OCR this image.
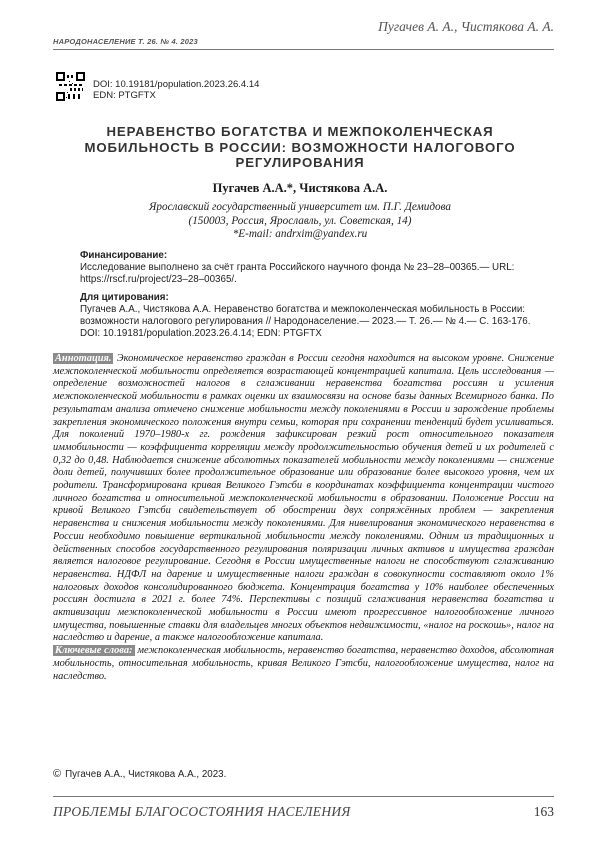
Пугачев А. А., Чистякова А. А.
НАРОДОНАСЕЛЕНИЕ Т. 26. № 4. 2023
DOI: 10.19181/population.2023.26.4.14
EDN: PTGFTX
НЕРАВЕНСТВО БОГАТСТВА И МЕЖПОКОЛЕНЧЕСКАЯ МОБИЛЬНОСТЬ В РОССИИ: ВОЗМОЖНОСТИ НАЛОГОВОГО РЕГУЛИРОВАНИЯ
Пугачев А.А.*, Чистякова А.А.
Ярославский государственный университет им. П.Г. Демидова
(150003, Россия, Ярославль, ул. Советская, 14)
*E-mail: andrxim@yandex.ru
Финансирование:
Исследование выполнено за счёт гранта Российского научного фонда № 23–28–00365.— URL: https://rscf.ru/project/23–28–00365/.
Для цитирования:
Пугачев А.А., Чистякова А.А. Неравенство богатства и межпоколенческая мобильность в России: возможности налогового регулирования // Народонаселение.— 2023.— Т. 26.— № 4.— С. 163-176. DOI: 10.19181/population.2023.26.4.14; EDN: PTGFTX

Аннотация. Экономическое неравенство граждан в России сегодня находится на высоком уровне. Снижение межпоколенческой мобильности определяется возрастающей концентрацией капитала. Цель исследования — определение возможностей налогов в сглаживании неравенства богатства россиян и усиления межпоколенческой мобильности в рамках оценки их взаимосвязи на основе базы данных Всемирного банка. По результатам анализа отмечено снижение мобильности между поколениями в России и зарождение проблемы закрепления экономического положения внутри семьи, которая при сохранении тенденций будет усиливаться. Для поколений 1970–1980-х гг. рождения зафиксирован резкий рост относительного показателя иммобильности — коэффициента корреляции между продолжительностью обучения детей и их родителей с 0,32 до 0,48. Наблюдается снижение абсолютных показателей мобильности между поколениями — снижение доли детей, получивших более продолжительное образование или образование более высокого уровня, чем их родители. Трансформирована кривая Великого Гэтсби в координатах коэффициента концентрации чистого личного богатства и относительной межпоколенческой мобильности в образовании. Положение России на кривой Великого Гэтсби свидетельствует об обострении двух сопряжённых проблем — закрепления неравенства и снижения мобильности между поколениями. Для нивелирования экономического неравенства в России необходимо повышение вертикальной мобильности между поколениями. Одним из традиционных и действенных способов государственного регулирования поляризации личных активов и имущества граждан является налоговое регулирование. Сегодня в России имущественные налоги не способствуют сглаживанию неравенства. НДФЛ на дарение и имущественные налоги граждан в совокупности составляют около 1% налоговых доходов консолидированного бюджета. Концентрация богатства у 10% наиболее обеспеченных россиян достигла в 2021 г. более 74%. Перспективы с позиций сглаживания неравенства богатства и активизации межпоколенческой мобильности в России имеют прогрессивное налогообложение личного имущества, повышенные ставки для владельцев многих объектов недвижимости, «налог на роскошь», налог на наследство и дарение, а также налогообложение капитала.

Ключевые слова: межпоколенческая мобильность, неравенство богатства, неравенство доходов, абсолютная мобильность, относительная мобильность, кривая Великого Гэтсби, налогообложение имущества, налог на наследство.

© Пугачев А.А., Чистякова А.А., 2023.
ПРОБЛЕМЫ БЛАГОСОСТОЯНИЯ НАСЕЛЕНИЯ	163
